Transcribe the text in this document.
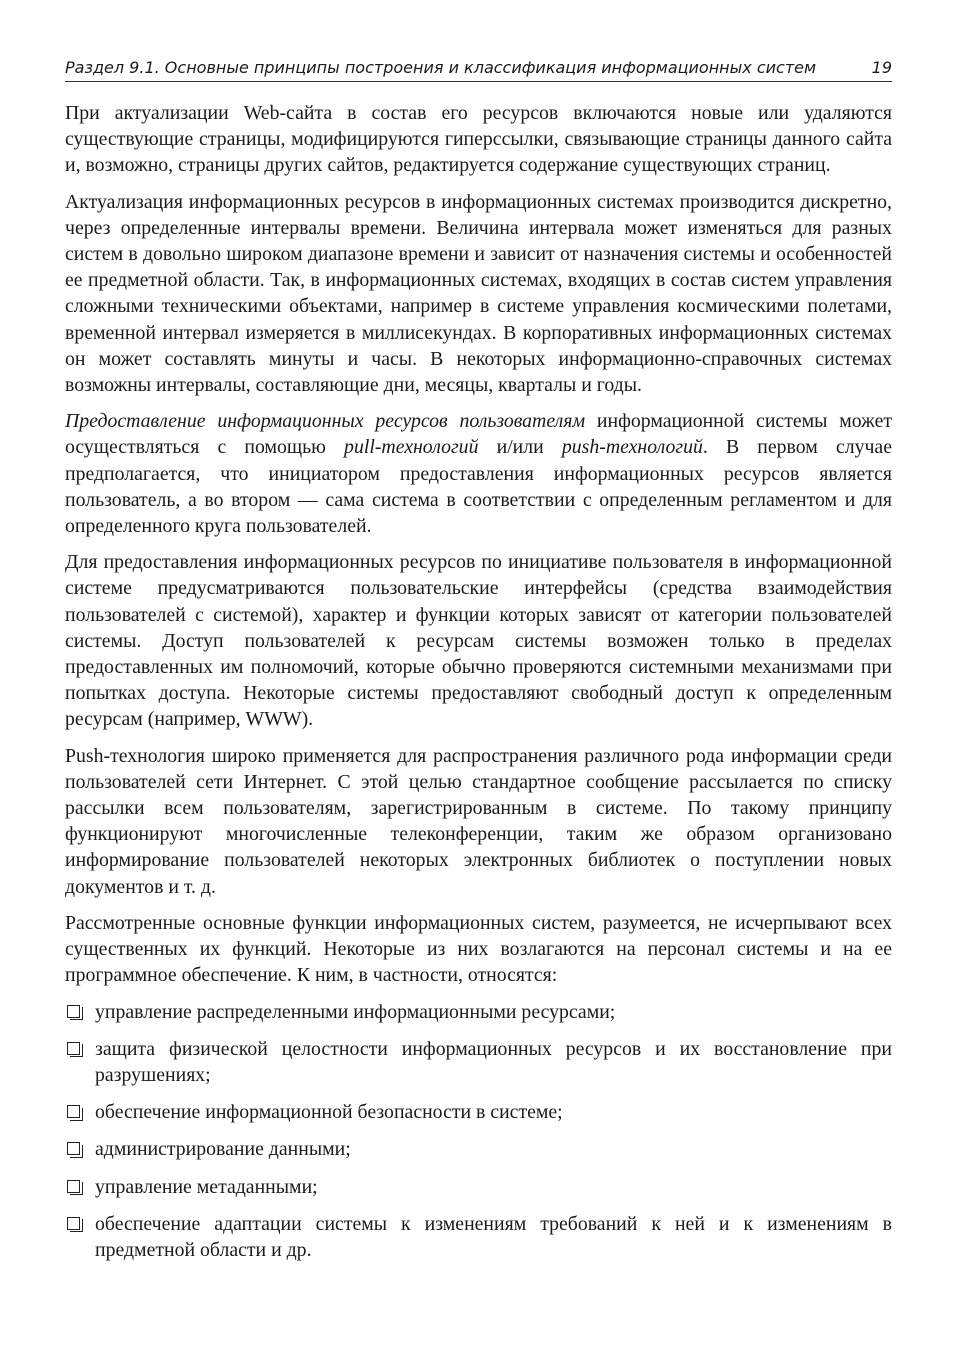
Раздел 9.1. Основные принципы построения и классификация информационных систем	19

При актуализации Web-сайта в состав его ресурсов включаются новые или удаляются существующие страницы, модифицируются гиперссылки, связывающие страницы данного сайта и, возможно, страницы других сайтов, редактируется содержание существующих страниц.

Актуализация информационных ресурсов в информационных системах производится дискретно, через определенные интервалы времени. Величина интервала может изменяться для разных систем в довольно широком диапазоне времени и зависит от назначения системы и особенностей ее предметной области. Так, в информационных системах, входящих в состав систем управления сложными техническими объектами, например в системе управления космическими полетами, временной интервал измеряется в миллисекундах. В корпоративных информационных системах он может составлять минуты и часы. В некоторых информационно-справочных системах возможны интервалы, составляющие дни, месяцы, кварталы и годы.

Предоставление информационных ресурсов пользователям информационной системы может осуществляться с помощью pull-технологий и/или push-технологий. В первом случае предполагается, что инициатором предоставления информационных ресурсов является пользователь, а во втором — сама система в соответствии с определенным регламентом и для определенного круга пользователей.

Для предоставления информационных ресурсов по инициативе пользователя в информационной системе предусматриваются пользовательские интерфейсы (средства взаимодействия пользователей с системой), характер и функции которых зависят от категории пользователей системы. Доступ пользователей к ресурсам системы возможен только в пределах предоставленных им полномочий, которые обычно проверяются системными механизмами при попытках доступа. Некоторые системы предоставляют свободный доступ к определенным ресурсам (например, WWW).

Push-технология широко применяется для распространения различного рода информации среди пользователей сети Интернет. С этой целью стандартное сообщение рассылается по списку рассылки всем пользователям, зарегистрированным в системе. По такому принципу функционируют многочисленные телеконференции, таким же образом организовано информирование пользователей некоторых электронных библиотек о поступлении новых документов и т. д.

Рассмотренные основные функции информационных систем, разумеется, не исчерпывают всех существенных их функций. Некоторые из них возлагаются на персонал системы и на ее программное обеспечение. К ним, в частности, относятся:

управление распределенными информационными ресурсами;
защита физической целостности информационных ресурсов и их восстановление при разрушениях;
обеспечение информационной безопасности в системе;
администрирование данными;
управление метаданными;
обеспечение адаптации системы к изменениям требований к ней и к изменениям в предметной области и др.
